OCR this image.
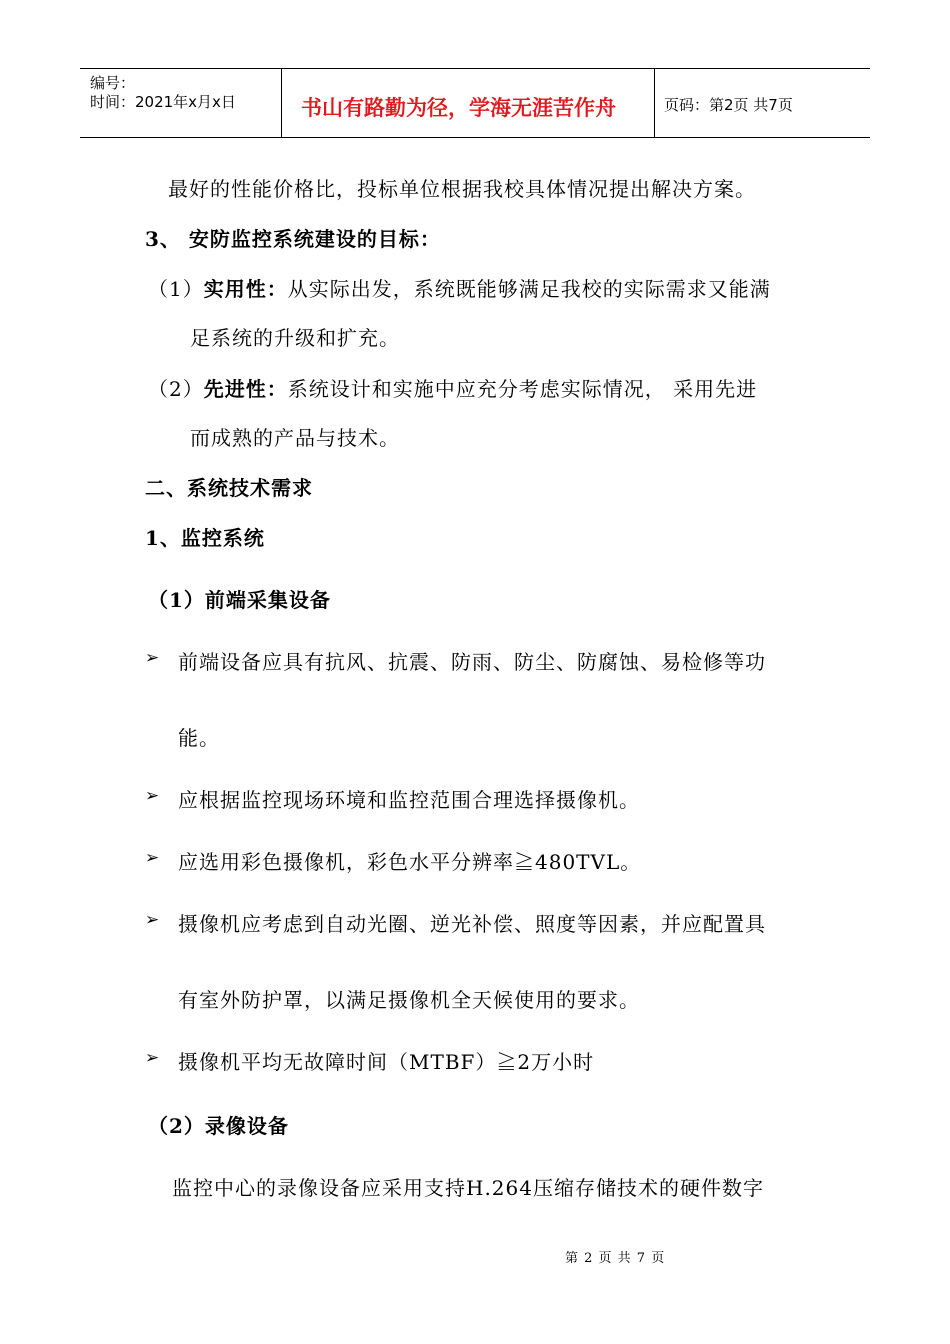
编号：
时间：2021年x月x日	书山有路勤为径，学海无涯苦作舟	页码：第2页 共7页
最好的性能价格比，投标单位根据我校具体情况提出解决方案。
3、 安防监控系统建设的目标：
（1）实用性：从实际出发，系统既能够满足我校的实际需求又能满
足系统的升级和扩充。
（2）先进性：系统设计和实施中应充分考虑实际情况， 采用先进
而成熟的产品与技术。
二、系统技术需求
1、监控系统
（1）前端采集设备
➢ 前端设备应具有抗风、抗震、防雨、防尘、防腐蚀、易检修等功
能。
➢ 应根据监控现场环境和监控范围合理选择摄像机。
➢ 应选用彩色摄像机，彩色水平分辨率≧480TVL。
➢ 摄像机应考虑到自动光圈、逆光补偿、照度等因素，并应配置具
有室外防护罩，以满足摄像机全天候使用的要求。
➢ 摄像机平均无故障时间（MTBF）≧2万小时
（2）录像设备
监控中心的录像设备应采用支持H.264压缩存储技术的硬件数字
第 2 页 共 7 页
